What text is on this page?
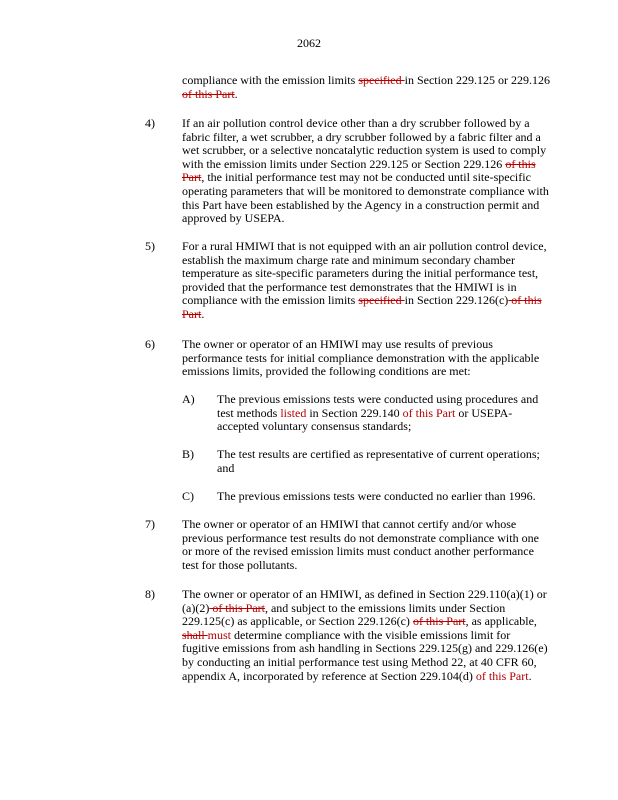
2062
compliance with the emission limits specified in Section 229.125 or 229.126 of this Part.
4) If an air pollution control device other than a dry scrubber followed by a fabric filter, a wet scrubber, a dry scrubber followed by a fabric filter and a wet scrubber, or a selective noncatalytic reduction system is used to comply with the emission limits under Section 229.125 or Section 229.126 of this Part, the initial performance test may not be conducted until site-specific operating parameters that will be monitored to demonstrate compliance with this Part have been established by the Agency in a construction permit and approved by USEPA.
5) For a rural HMIWI that is not equipped with an air pollution control device, establish the maximum charge rate and minimum secondary chamber temperature as site-specific parameters during the initial performance test, provided that the performance test demonstrates that the HMIWI is in compliance with the emission limits specified in Section 229.126(c) of this Part.
6) The owner or operator of an HMIWI may use results of previous performance tests for initial compliance demonstration with the applicable emissions limits, provided the following conditions are met:
A) The previous emissions tests were conducted using procedures and test methods listed in Section 229.140 of this Part or USEPA-accepted voluntary consensus standards;
B) The test results are certified as representative of current operations; and
C) The previous emissions tests were conducted no earlier than 1996.
7) The owner or operator of an HMIWI that cannot certify and/or whose previous performance test results do not demonstrate compliance with one or more of the revised emission limits must conduct another performance test for those pollutants.
8) The owner or operator of an HMIWI, as defined in Section 229.110(a)(1) or (a)(2) of this Part, and subject to the emissions limits under Section 229.125(c) as applicable, or Section 229.126(c) of this Part, as applicable, shall must determine compliance with the visible emissions limit for fugitive emissions from ash handling in Sections 229.125(g) and 229.126(e) by conducting an initial performance test using Method 22, at 40 CFR 60, appendix A, incorporated by reference at Section 229.104(d) of this Part.
